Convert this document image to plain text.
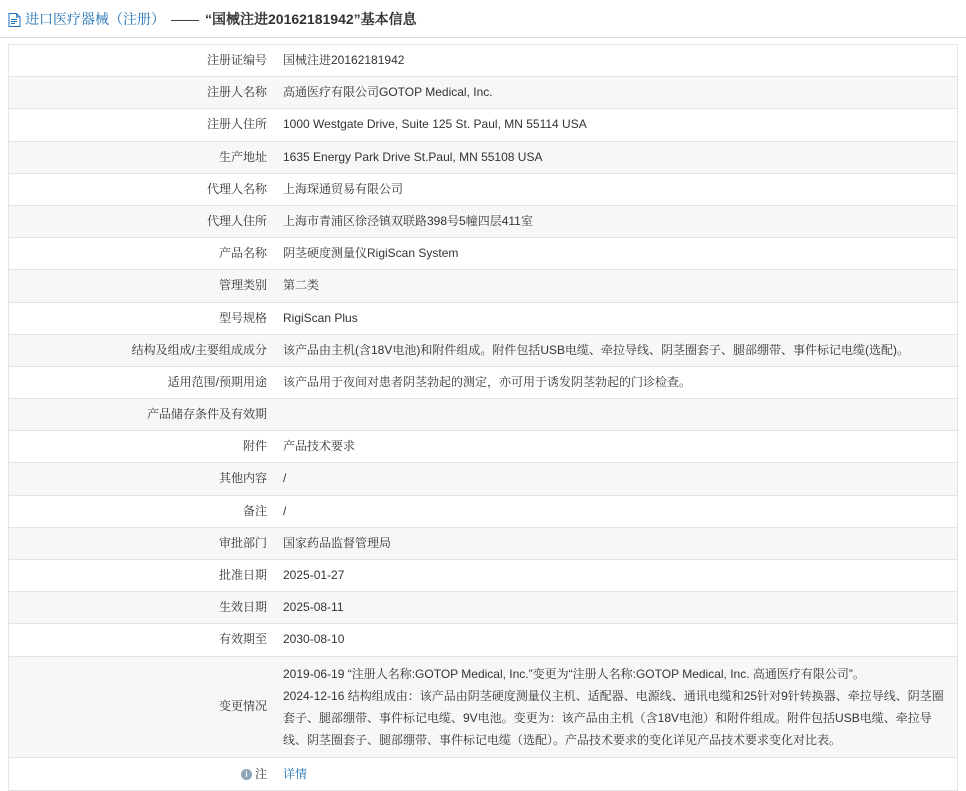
进口医疗器械（注册） —— “国械注进20162181942”基本信息
注册证编号	国械注进20162181942
注册人名称	高通医疗有限公司GOTOP Medical, Inc.
注册人住所	1000 Westgate Drive, Suite 125 St. Paul, MN 55114 USA
生产地址	1635 Energy Park Drive St.Paul, MN 55108 USA
代理人名称	上海琛通贸易有限公司
代理人住所	上海市青浦区徐泾镇双联路398号5幢四层411室
产品名称	阴茎硬度测量仪RigiScan System
管理类别	第二类
型号规格	RigiScan Plus
结构及组成/主要组成成分	该产品由主机(含18V电池)和附件组成。附件包括USB电缆、牵拉导线、阴茎圈套子、腿部绷带、事件标记电缆(选配)。
适用范围/预期用途	该产品用于夜间对患者阴茎勃起的测定，亦可用于诱发阴茎勃起的门诊检查。
产品储存条件及有效期	
附件	产品技术要求
其他内容	/
备注	/
审批部门	国家药品监督管理局
批准日期	2025-01-27
生效日期	2025-08-11
有效期至	2030-08-10
变更情况	2019-06-19 “注册人名称:GOTOP Medical, Inc.”变更为“注册人名称:GOTOP Medical, Inc. 高通医疗有限公司”。
2024-12-16 结构组成由：该产品由阴茎硬度测量仪主机、适配器、电源线、通讯电缆和25针对9针转换器、牵拉导线、阴茎圈套子、腿部绷带、事件标记电缆、9V电池。变更为：该产品由主机（含18V电池）和附件组成。附件包括USB电缆、牵拉导线、阴茎圈套子、腿部绷带、事件标记电缆（选配）。产品技术要求的变化详见产品技术要求变化对比表。

i 注	详情
